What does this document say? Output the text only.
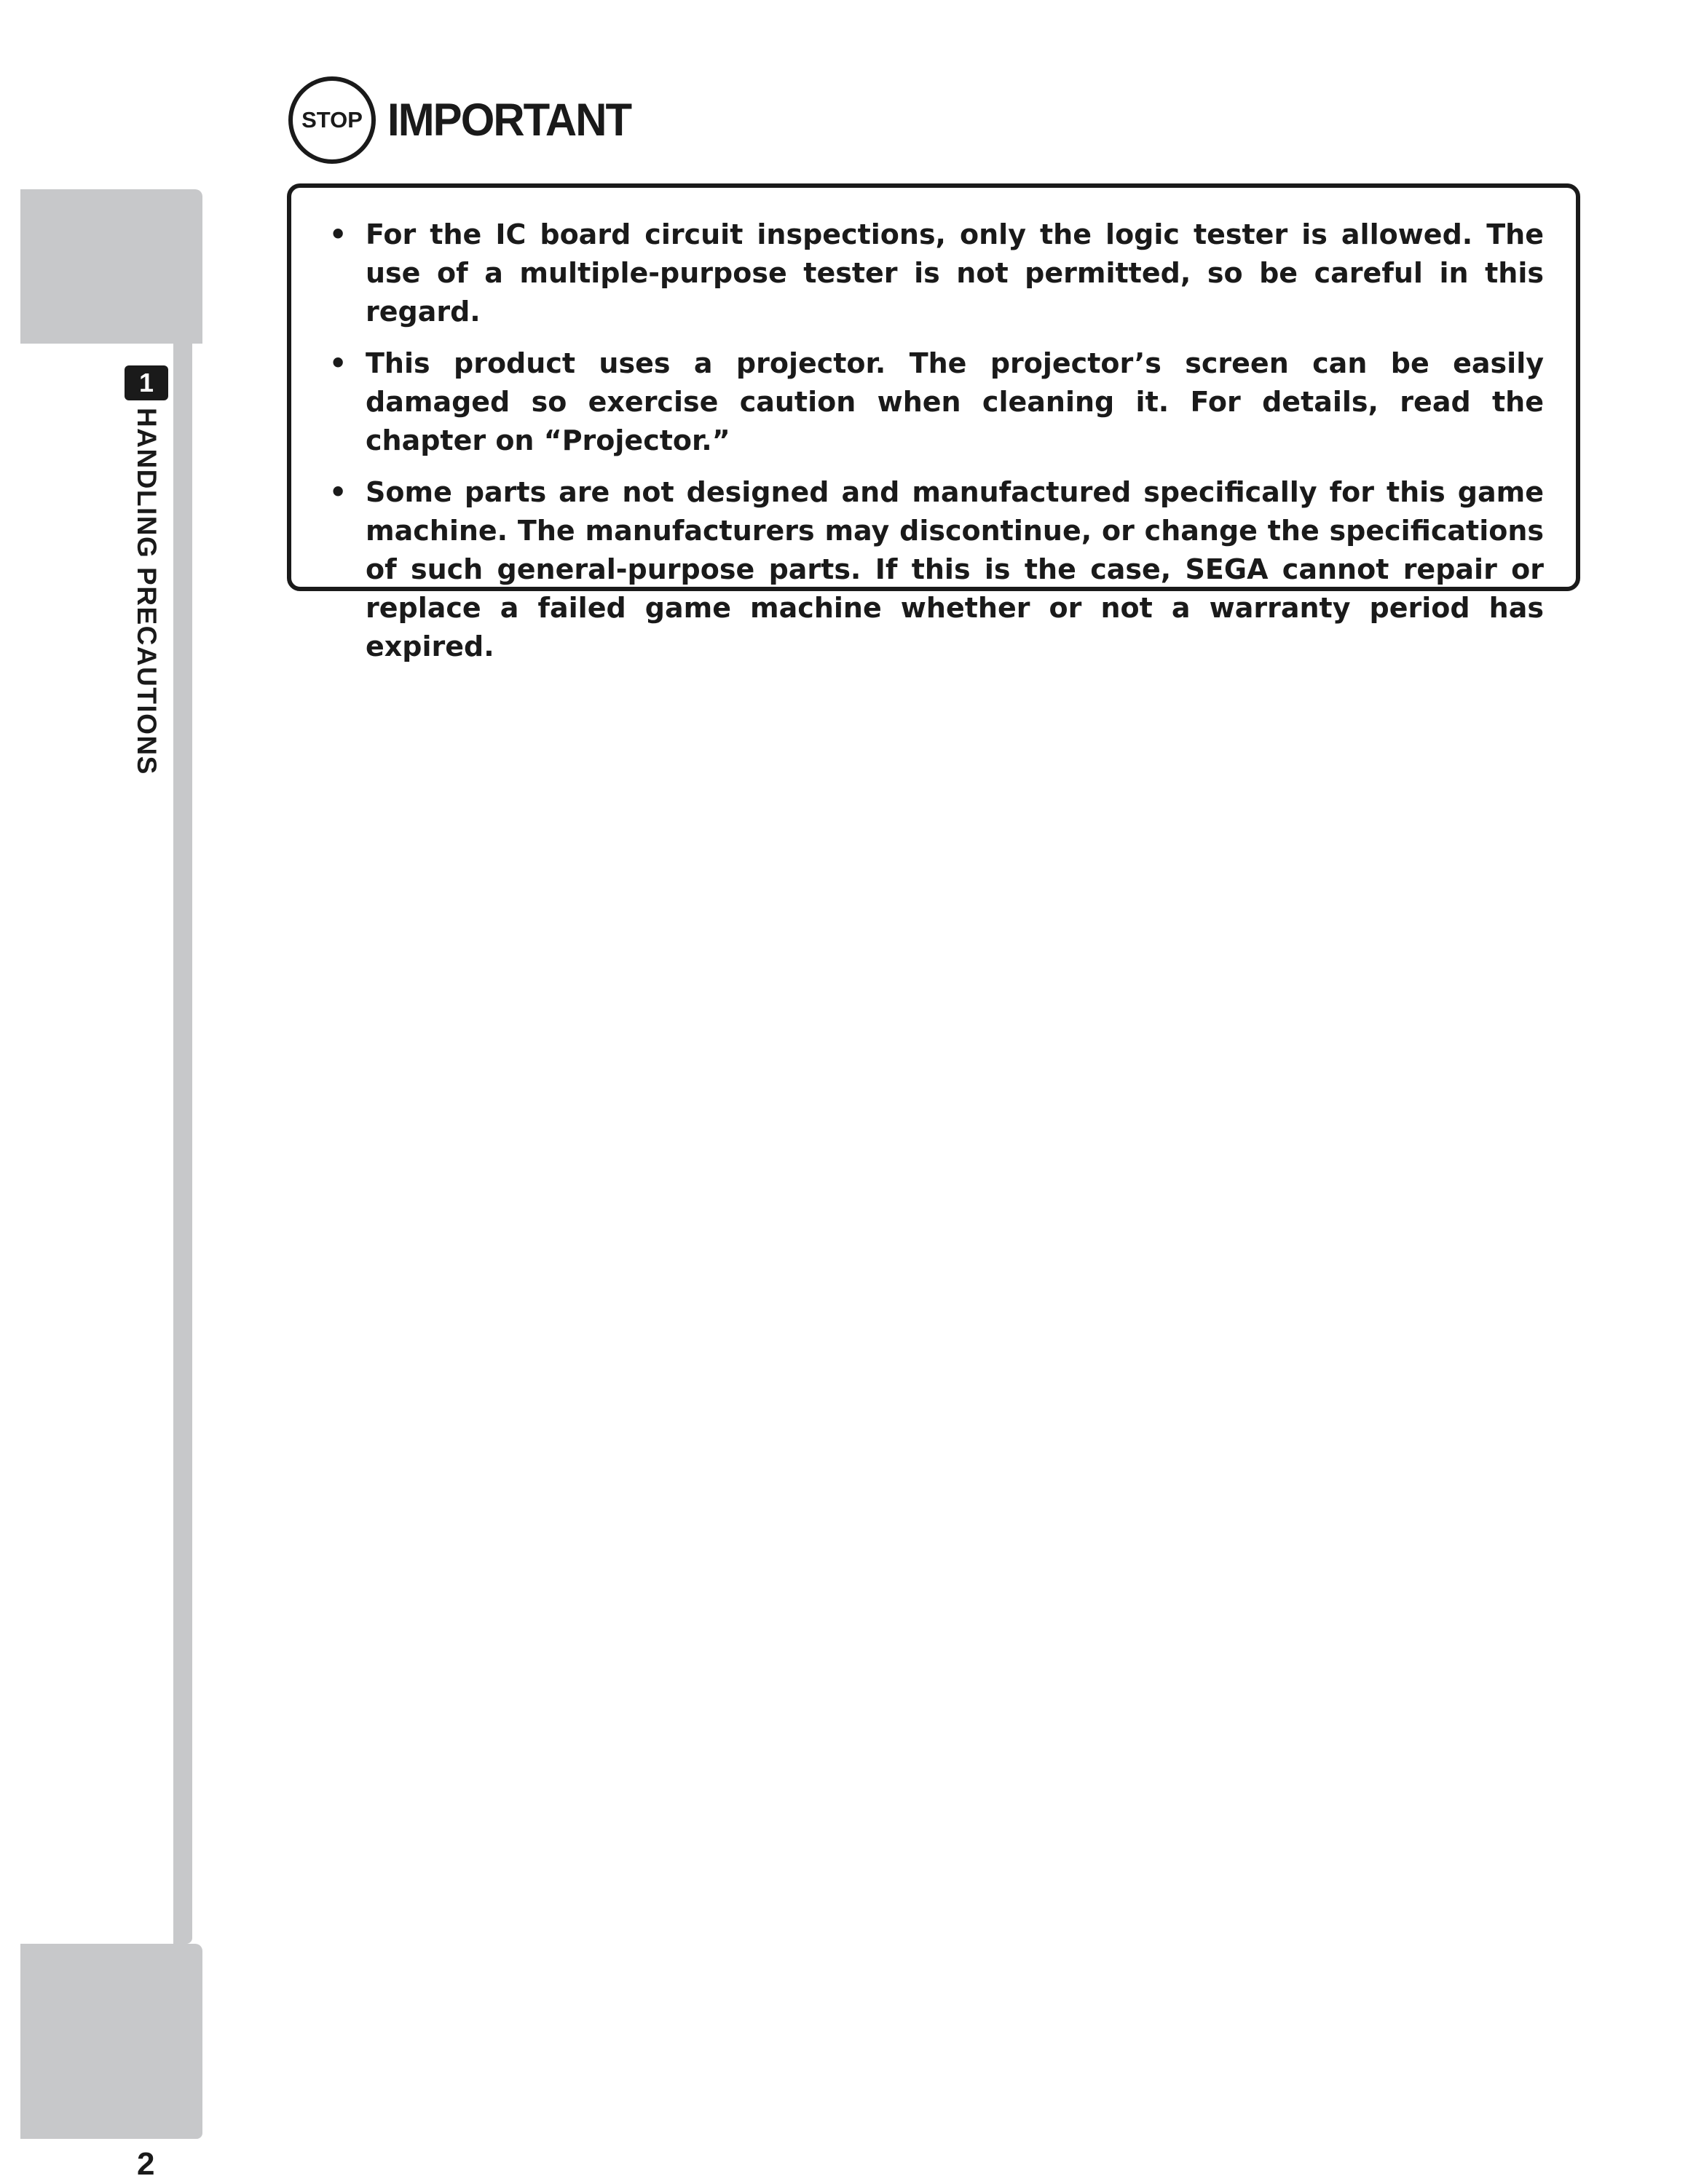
1
HANDLING PRECAUTIONS
STOP IMPORTANT
• For the IC board circuit inspections, only the logic tester is allowed. The use of a multiple-purpose tester is not permitted, so be careful in this regard.
• This product uses a projector. The projector’s screen can be easily damaged so exercise caution when cleaning it. For details, read the chapter on “Projector.”
• Some parts are not designed and manufactured specifically for this game machine. The manufacturers may discontinue, or change the specifications of such general-purpose parts. If this is the case, SEGA cannot repair or replace a failed game machine whether or not a warranty period has expired.
2
